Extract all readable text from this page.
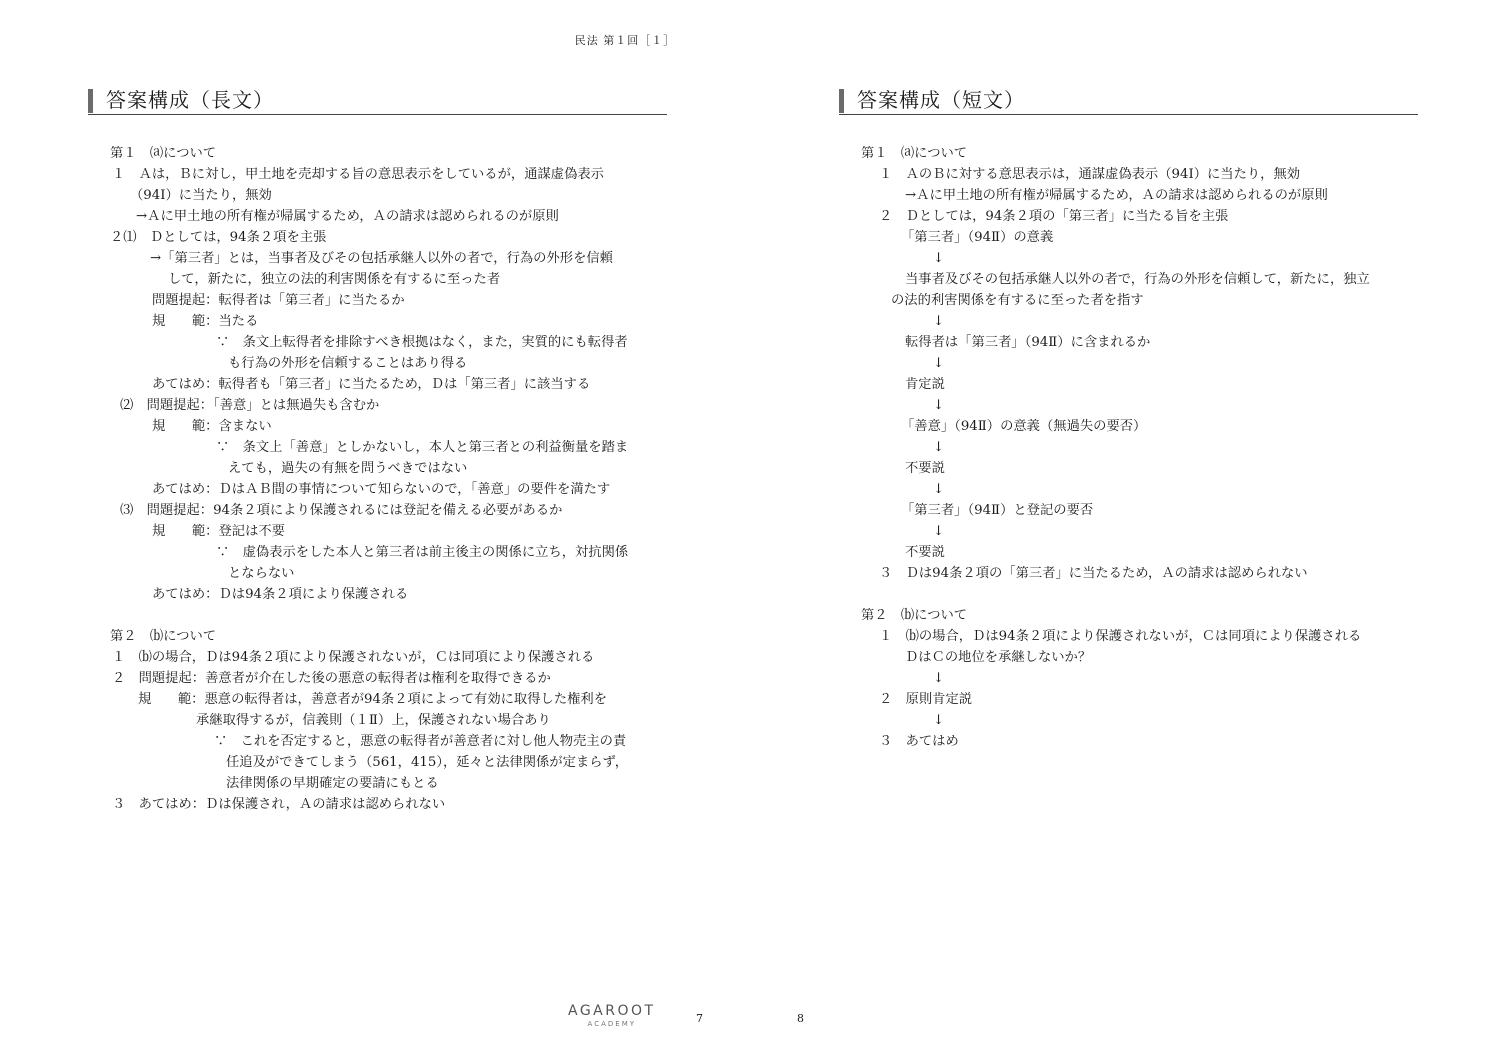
民法 第１回［１］
答案構成（長文）
第１　⒜について
１　Ａは，Ｂに対し，甲土地を売却する旨の意思表示をしているが，通謀虚偽表示
（94Ⅰ）に当たり，無効
→Ａに甲土地の所有権が帰属するため，Ａの請求は認められるのが原則
２⑴　Ｄとしては，94条２項を主張
→「第三者」とは，当事者及びその包括承継人以外の者で，行為の外形を信頼
して，新たに，独立の法的利害関係を有するに至った者
問題提起：転得者は「第三者」に当たるか
規　　範：当たる
∵　条文上転得者を排除すべき根拠はなく，また，実質的にも転得者
も行為の外形を信頼することはあり得る
あてはめ：転得者も「第三者」に当たるため，Ｄは「第三者」に該当する
⑵　問題提起：「善意」とは無過失も含むか
規　　範：含まない
∵　条文上「善意」としかないし，本人と第三者との利益衡量を踏ま
えても，過失の有無を問うべきではない
あてはめ：ＤはＡＢ間の事情について知らないので，「善意」の要件を満たす
⑶　問題提起：94条２項により保護されるには登記を備える必要があるか
規　　範：登記は不要
∵　虚偽表示をした本人と第三者は前主後主の関係に立ち，対抗関係
とならない
あてはめ：Ｄは94条２項により保護される
第２　⒝について
１　⒝の場合，Ｄは94条２項により保護されないが，Ｃは同項により保護される
２　問題提起：善意者が介在した後の悪意の転得者は権利を取得できるか
規　　範：悪意の転得者は，善意者が94条２項によって有効に取得した権利を
承継取得するが，信義則（１Ⅱ）上，保護されない場合あり
∵　これを否定すると，悪意の転得者が善意者に対し他人物売主の責
任追及ができてしまう（561，415），延々と法律関係が定まらず，
法律関係の早期確定の要請にもとる
３　あてはめ：Ｄは保護され，Ａの請求は認められない
答案構成（短文）
第１　⒜について
１　ＡのＢに対する意思表示は，通謀虚偽表示（94Ⅰ）に当たり，無効
→Ａに甲土地の所有権が帰属するため，Ａの請求は認められるのが原則
２　Ｄとしては，94条２項の「第三者」に当たる旨を主張
「第三者」（94Ⅱ）の意義
↓
当事者及びその包括承継人以外の者で，行為の外形を信頼して，新たに，独立
の法的利害関係を有するに至った者を指す
↓
転得者は「第三者」（94Ⅱ）に含まれるか
↓
肯定説
↓
「善意」（94Ⅱ）の意義（無過失の要否）
↓
不要説
↓
「第三者」（94Ⅱ）と登記の要否
↓
不要説
３　Ｄは94条２項の「第三者」に当たるため，Ａの請求は認められない
第２　⒝について
１　⒝の場合，Ｄは94条２項により保護されないが，Ｃは同項により保護される
ＤはＣの地位を承継しないか？
↓
２　原則肯定説
↓
３　あてはめ
AGAROOT
ACADEMY	7	8
